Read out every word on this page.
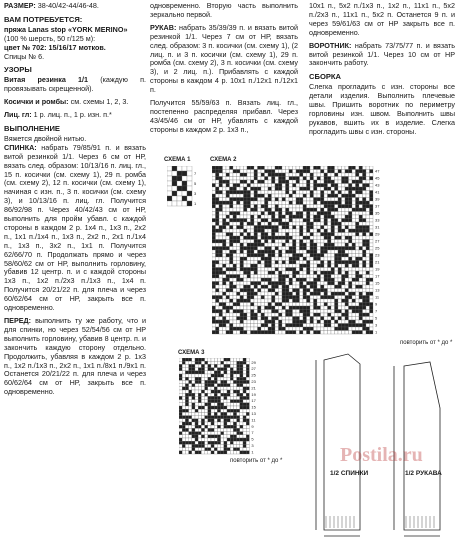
РАЗМЕР: 38-40/42-44/46-48.

ВАМ ПОТРЕБУЕТСЯ:
пряжа Lanas stop «YORK MERINO»
(100 % шерсть, 50 г/125 м):
цвет № 702: 15/16/17 мотков.
Спицы № 6.
УЗОРЫ

Витая резинка 1/1 (каждую п. провязывать скрещенной).

Косички и ромбы: см. схемы 1, 2, 3.

Лиц. гл: 1 р. лиц. п., 1 р. изн. п.*

ВЫПОЛНЕНИЕ
Вяжется двойной нитью.

СПИНКА: набрать 79/85/91 п. и вязать витой резинкой 1/1. Через 6 см от НР, вязать след. образом: 10/13/16 п. лиц. гл., 15 п. косички (см. схему 1), 29 п. ромба (см. схему 2), 12 п. косички (см. схему 1), начиная с изн. п., 3 п. косички (см. схему 3), и 10/13/16 п. лиц. гл. Получится 86/92/98 п. Через 40/42/43 см от НР, выполнить для пройм убавл. с каждой стороны в каждом 2 р. 1х4 п., 1х3 п., 2х2 п., 1х1 п./1х4 п., 1х3 п., 2х2 п., 2х1 п./1х4 п., 1х3 п., 3х2 п., 1х1 п. Получится 62/66/70 п. Продолжать прямо и через 58/60/62 см от НР, выполнить горловину, убавив 12 центр. п. и с каждой стороны 1х3 п., 1х2 п./2х3 п./1х3 п., 1х4 п. Получится 20/21/22 п. для плеча и через 60/62/64 см от НР, закрыть все п. одновременно.

ПЕРЕД: выполнить ту же работу, что и для спинки, но через 52/54/56 см от НР выполнить горловину, убавив 8 центр. п. и закончить каждую сторону отдельно. Продолжить, убавляя в каждом 2 р. 1х3 п., 1х2 п./1х3 п., 2х2 п., 1х1 п./8х1 п./9х1 п. Останется 20/21/22 п. для плеча и через 60/62/64 см от НР, закрыть все п. одновременно.

одновременно. Вторую часть выполнить зеркально первой.

РУКАВ: набрать 35/39/39 п. и вязать витой резинкой 1/1. Через 7 см от НР, вязать след. образом: 3 п. косички (см. схему 1), (2 лиц. п. и 3 п. косички (см. схему 1), 29 п. ромба (см. схему 2), 3 п. косички (см. схему 3), и 2 лиц. п.). Прибавлять с каждой стороны в каждом 4 р. 10х1 п./12х1 п./12х1 п.

Получится 55/59/63 п. Вязать лиц. гл., постепенно распределяя прибавл. Через 43/45/46 см от НР, убавлять с каждой стороны в каждом 2 р. 1х3 п.,

10х1 п., 5х2 п./1х3 п., 1х2 п., 11х1 п., 5х2 п./2х3 п., 11х1 п., 5х2 п. Останется 9 п. и через 59/61/63 см от НР закрыть все п. одновременно.

ВОРОТНИК: набрать 73/75/77 п. и вязать витой резинкой 1/1. Через 10 см от НР закончить работу.

СБОРКА

Слегка прогладить с изн. стороны все детали изделия. Выполнить плечевые швы. Пришить воротник по периметру горловины изн. швом. Выполнить швы рукавов, вшить их в изделие. Слегка прогладить швы с изн. стороны.

СХЕМА 1	СХЕМА 2
СХЕМА 3
повторить от * до *
повторить от * до *
7
5
3
1
47
45
43
41
39
37
35
33
31
29
27
25
23
21
19
17
15
13
11
9
7
5
3
1
29
27
25
23
21
19
17
15
13
11
9
7
5
3
1
1/2 СПИНКИ	1/2 РУКАВА
Postila.ru
